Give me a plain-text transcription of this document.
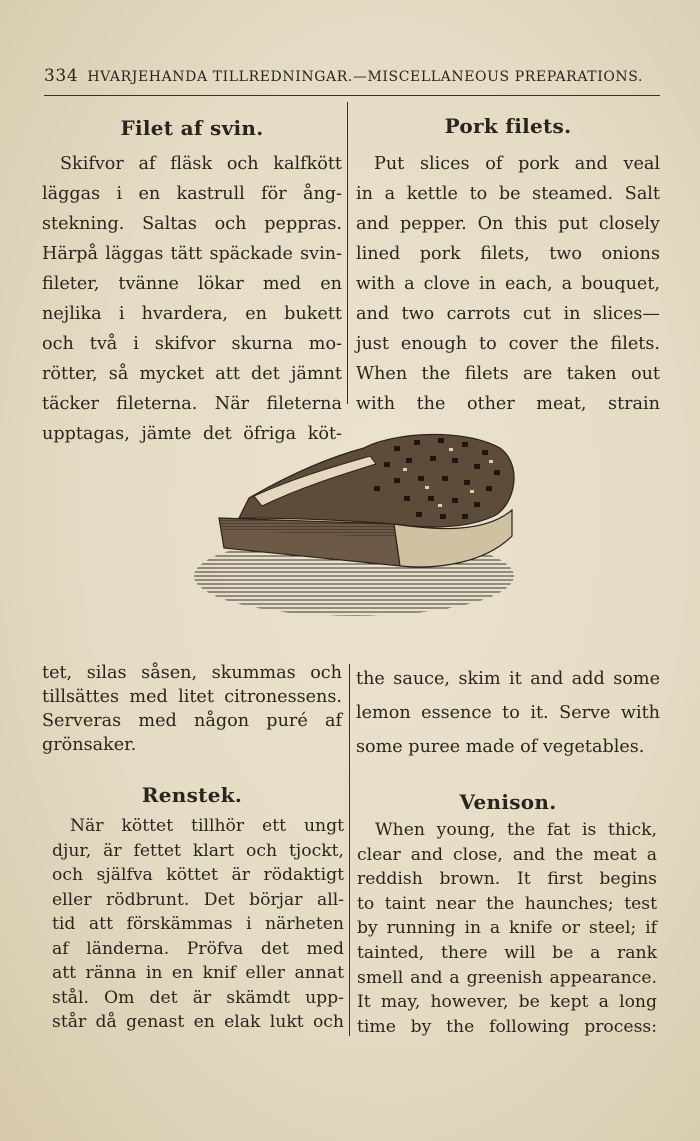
334 HVARJEHANDA TILLREDNINGAR.—MISCELLANEOUS PREPARATIONS.
Filet af svin.	Pork filets.

Skifvor af fläsk och kalfkött

läggas i en kastrull för ång-

stekning. Saltas och peppras.

Härpå läggas tätt späckade svin-

fileter, tvänne lökar med en

nejlika i hvardera, en bukett

och två i skifvor skurna mo-

rötter, så mycket att det jämnt

täcker fileterna. När fileterna

upptagas, jämte det öfriga köt-

Put slices of pork and veal

in a kettle to be steamed. Salt

and pepper. On this put closely

lined pork filets, two onions

with a clove in each, a bouquet,

and two carrots cut in slices—

just enough to cover the filets.

When the filets are taken out

with the other meat, strain

tet, silas såsen, skummas och

tillsättes med litet citronessens.

Serveras med någon puré af

grönsaker.

the sauce, skim it and add some

lemon essence to it. Serve with

some puree made of vegetables.

Renstek.	Venison.

När köttet tillhör ett ungt

djur, är fettet klart och tjockt,

och själfva köttet är rödaktigt

eller rödbrunt. Det börjar all-

tid att förskämmas i närheten

af länderna. Pröfva det med

att ränna in en knif eller annat

stål. Om det är skämdt upp-

står då genast en elak lukt och

When young, the fat is thick,

clear and close, and the meat a

reddish brown. It first begins

to taint near the haunches; test

by running in a knife or steel; if

tainted, there will be a rank

smell and a greenish appearance.

It may, however, be kept a long

time by the following process:
